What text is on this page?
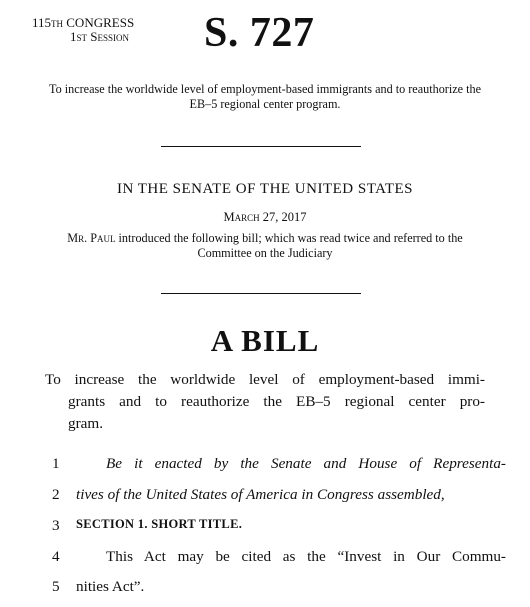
115th CONGRESS
1st Session S. 727
To increase the worldwide level of employment-based immigrants and to reauthorize the EB–5 regional center program.
IN THE SENATE OF THE UNITED STATES
March 27, 2017
Mr. Paul introduced the following bill; which was read twice and referred to the Committee on the Judiciary
A BILL
To increase the worldwide level of employment-based immi-
grants and to reauthorize the EB–5 regional center pro-
gram.
1	Be it enacted by the Senate and House of Representa-
2 tives of the United States of America in Congress assembled,
3 SECTION 1. SHORT TITLE.
4	This Act may be cited as the “Invest in Our Commu-
5 nities Act”.
